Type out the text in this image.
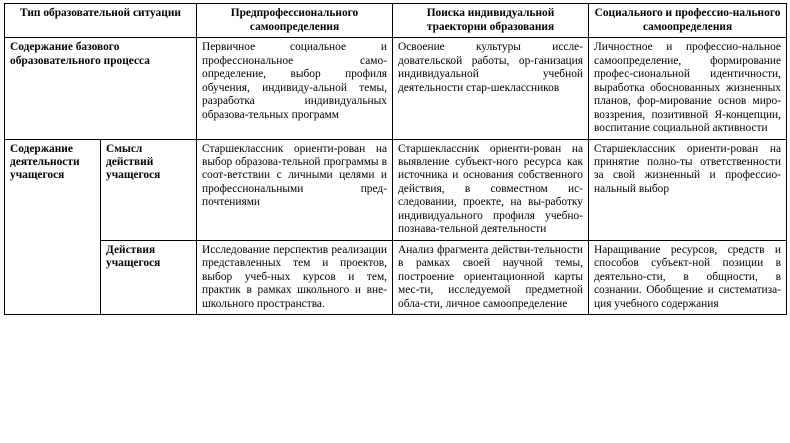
Тип образовательной ситуации		Предпрофессионального самоопределения	Поиска индивидуальной траектории образования	Социального и профессио-нального самоопределения
Содержание базового образовательного процесса		Первичное социальное и профессиональное само-определение, выбор профиля обучения, индивиду-альной темы, разработка индивидуальных образова-тельных программ	Освоение культуры иссле-довательской работы, ор-ганизация индивидуальной учебной деятельности стар-шеклассников	Личностное и профессио-нальное самоопределение, формирование профес-сиональной идентичности, выработка обоснованных жизненных планов, фор-мирование основ миро-воззрения, позитивной Я-концепции, воспитание социальной активности
Содержание деятельности учащегося	Смысл действий учащегося	Старшеклассник ориенти-рован на выбор образова-тельной программы в соот-ветствии с личными целями и профессиональными пред-почтениями	Старшеклассник ориенти-рован на выявление субъект-ного ресурса как источника и основания собственного действия, в совместном ис-следовании, проекте, на вы-работку индивидуального профиля учебно-познава-тельной деятельности	Старшеклассник ориенти-рован на принятие полно-ты ответственности за свой жизненный и профессио-нальный выбор
	Действия учащегося	Исследование перспектив реализации представленных тем и проектов, выбор учеб-ных курсов и тем, практик в рамках школьного и вне-школьного пространства.	Анализ фрагмента действи-тельности в рамках своей научной темы, построение ориентационной карты мес-ти, исследуемой предметной обла-сти, личное самоопределение	Наращивание ресурсов, средств и способов субъект-ной позиции в деятельно-сти, в общности, в сознании. Обобщение и систематиза-ция учебного содержания
